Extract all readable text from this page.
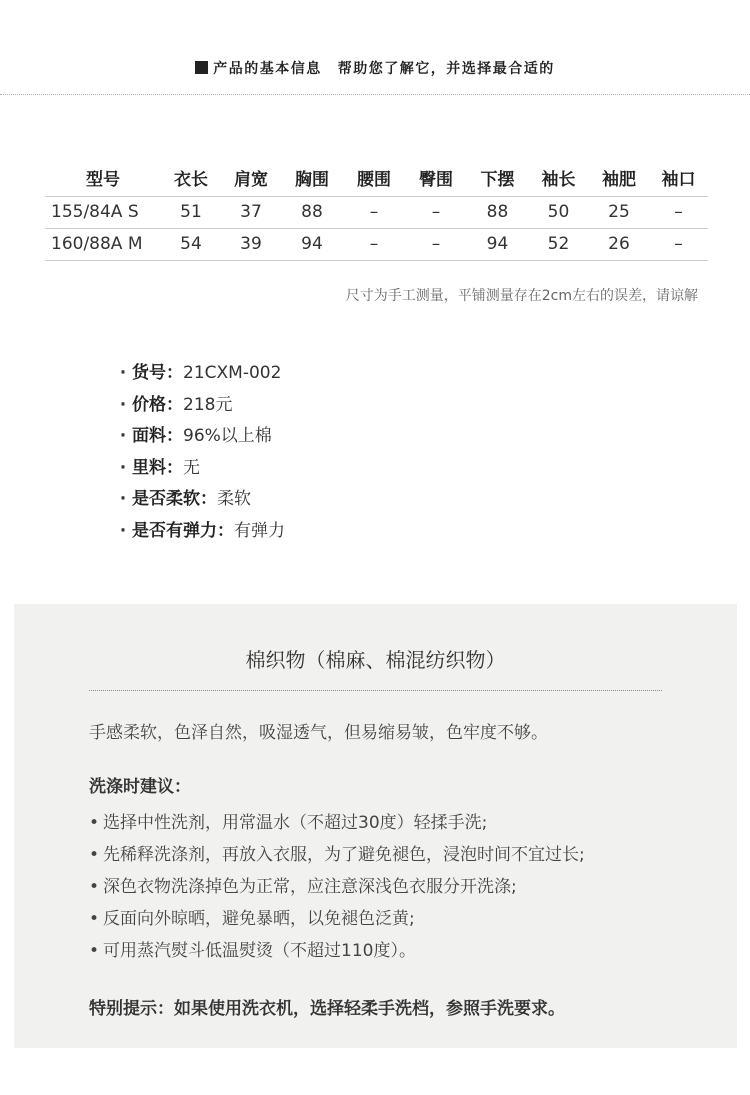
产品的基本信息 帮助您了解它，并选择最合适的
型号	衣长	肩宽	胸围	腰围	臀围	下摆	袖长	袖肥	袖口
155/84A S	51	37	88	–	–	88	50	25	–
160/88A M	54	39	94	–	–	94	52	26	–
尺寸为手工测量，平铺测量存在2cm左右的误差，请谅解
· 货号：21CXM-002
· 价格：218元
· 面料：96%以上棉
· 里料：无
· 是否柔软：柔软
· 是否有弹力：有弹力
棉织物（棉麻、棉混纺织物）
手感柔软，色泽自然，吸湿透气，但易缩易皱，色牢度不够。
洗涤时建议：
• 选择中性洗剂，用常温水（不超过30度）轻揉手洗;
• 先稀释洗涤剂，再放入衣服，为了避免褪色，浸泡时间不宜过长;
• 深色衣物洗涤掉色为正常，应注意深浅色衣服分开洗涤;
• 反面向外晾晒，避免暴晒，以免褪色泛黄;
• 可用蒸汽熨斗低温熨烫（不超过110度）。
特别提示：如果使用洗衣机，选择轻柔手洗档，参照手洗要求。
